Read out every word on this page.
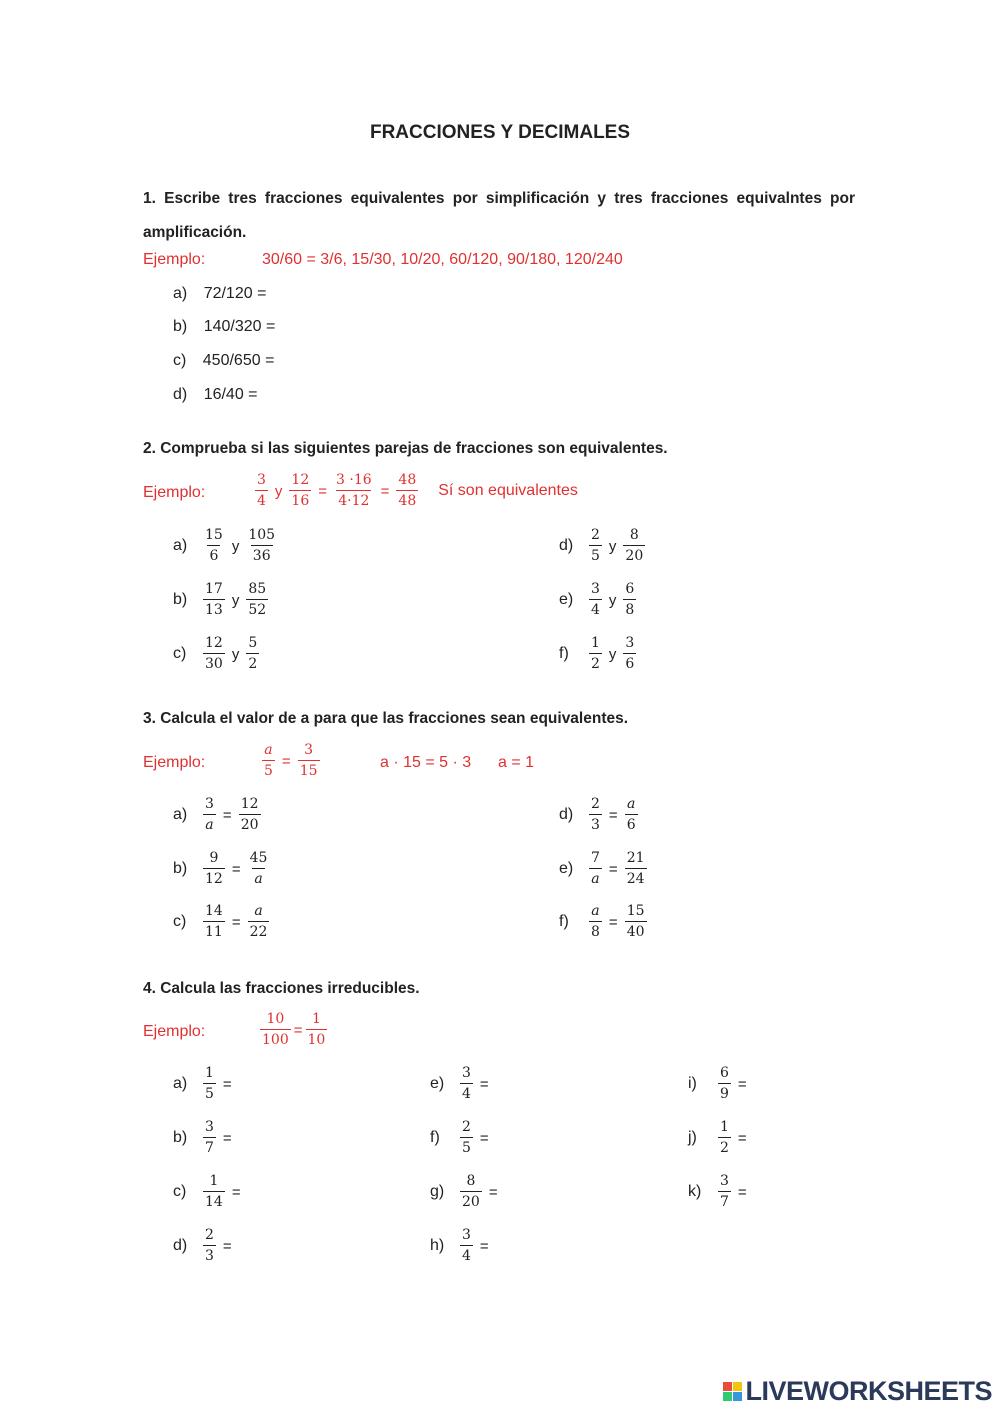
FRACCIONES Y DECIMALES
1. Escribe tres fracciones equivalentes por simplificación y tres fracciones equivalntes por amplificación.
Ejemplo:	30/60 = 3/6, 15/30, 10/20, 60/120, 90/180, 120/240
a) 72/120 =
b) 140/320 =
c) 450/650 =
d) 16/40 =
2. Comprueba si las siguientes parejas de fracciones son equivalentes.
Ejemplo:	$\frac{3}{4}$ y $\frac{12}{16} = \frac{3 \cdot 16}{4\cdot 12} = \frac{48}{48}$ Sí son equivalentes
a)	$\frac{15}{6}$ y $\frac{105}{36}$
b)	$\frac{17}{13}$ y $\frac{85}{52}$
c)	$\frac{12}{30}$ y $\frac{5}{2}$
d)	$\frac{2}{5}$ y $\frac{8}{20}$
e)	$\frac{3}{4}$ y $\frac{6}{8}$
f)	$\frac{1}{2}$ y $\frac{3}{6}$
3. Calcula el valor de a para que las fracciones sean equivalentes.
Ejemplo:	$\frac{a}{5} = \frac{3}{15}$	a · 15 = 5 · 3 a = 1
a)	$\frac{3}{a} = \frac{12}{20}$
b)	$\frac{9}{12} = \frac{45}{a}$
c)	$\frac{14}{11} = \frac{a}{22}$
d)	$\frac{2}{3} = \frac{a}{6}$
e)	$\frac{7}{a} = \frac{21}{24}$
f)	$\frac{a}{8} = \frac{15}{40}$
4. Calcula las fracciones irreducibles.
Ejemplo:	$\frac{10}{100} = \frac{1}{10}$
a)	$\frac{1}{5}$ =
b)	$\frac{3}{7}$ =
c)	$\frac{1}{14}$ =
d)	$\frac{2}{3}$ =
e)	$\frac{3}{4}$ =
f)	$\frac{2}{5}$ =
g)	$\frac{8}{20}$ =
h)	$\frac{3}{4}$ =
i)	$\frac{6}{9}$ =
j)	$\frac{1}{2}$ =
k)	$\frac{3}{7}$ =
LIVEWORKSHEETS
